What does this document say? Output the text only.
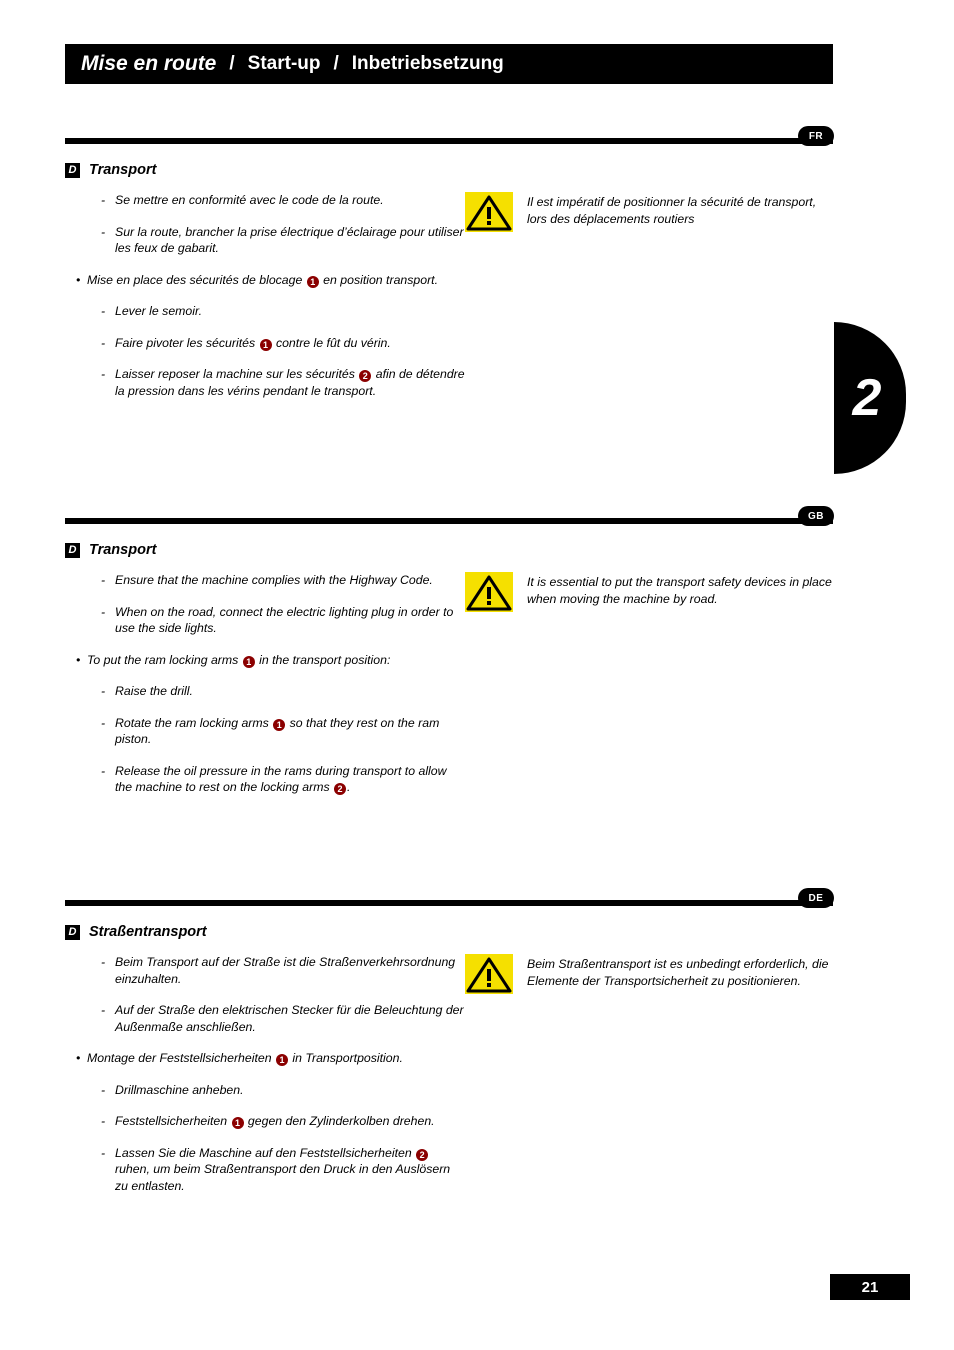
Mise en route / Start-up / Inbetriebsetzung
2
FR
D Transport
- Se mettre en conformité avec le code de la route.
- Sur la route, brancher la prise électrique d’éclairage pour utiliser les feux de gabarit.
• Mise en place des sécurités de blocage 1 en position transport.
- Lever le semoir.
- Faire pivoter les sécurités 1 contre le fût du vérin.
- Laisser reposer la machine sur les sécurités 2 afin de détendre la pression dans les vérins pendant le transport.
Il est impératif de positionner la sécurité de transport, lors des déplacements routiers
GB
D Transport
- Ensure that the machine complies with the Highway Code.
- When on the road, connect the electric lighting plug in order to use the side lights.
• To put the ram locking arms 1 in the transport position:
- Raise the drill.
- Rotate the ram locking arms 1 so that they rest on the ram piston.
- Release the oil pressure in the rams during transport to allow the machine to rest on the locking arms 2 .
It is essential to put the transport safety devices in place when moving the machine by road.
DE
D Straßentransport
- Beim Transport auf der Straße ist die Straßenverkehrsordnung einzuhalten.
- Auf der Straße den elektrischen Stecker für die Beleuchtung der Außenmaße anschließen.
• Montage der Feststellsicherheiten 1 in Transportposition.
- Drillmaschine anheben.
- Feststellsicherheiten 1 gegen den Zylinderkolben drehen.
- Lassen Sie die Maschine auf den Feststellsicherheiten 2 ruhen, um beim Straßentransport den Druck in den Auslösern zu entlasten.
Beim Straßentransport ist es unbedingt erforderlich, die Elemente der Transportsicherheit zu positionieren.
21
